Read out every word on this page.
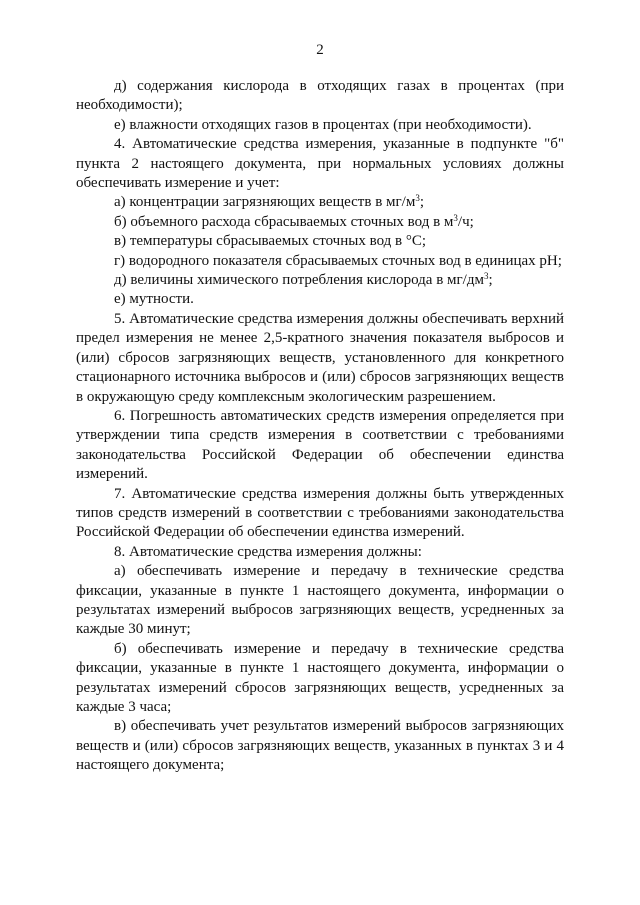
2

д) содержания кислорода в отходящих газах в процентах (при необходимости);

е) влажности отходящих газов в процентах (при необходимости).

4. Автоматические средства измерения, указанные в подпункте "б" пункта 2 настоящего документа, при нормальных условиях должны обеспечивать измерение и учет:

а) концентрации загрязняющих веществ в $мг/м^3$;

б) объемного расхода сбрасываемых сточных вод в $м^3/ч$;

в) температуры сбрасываемых сточных вод в °С;

г) водородного показателя сбрасываемых сточных вод в единицах рН;

д) величины химического потребления кислорода в $мг/дм^3$;

е) мутности.

5. Автоматические средства измерения должны обеспечивать верхний предел измерения не менее 2,5-кратного значения показателя выбросов и (или) сбросов загрязняющих веществ, установленного для конкретного стационарного источника выбросов и (или) сбросов загрязняющих веществ в окружающую среду комплексным экологическим разрешением.

6. Погрешность автоматических средств измерения определяется при утверждении типа средств измерения в соответствии с требованиями законодательства Российской Федерации об обеспечении единства измерений.

7. Автоматические средства измерения должны быть утвержденных типов средств измерений в соответствии с требованиями законодательства Российской Федерации об обеспечении единства измерений.

8. Автоматические средства измерения должны:

а) обеспечивать измерение и передачу в технические средства фиксации, указанные в пункте 1 настоящего документа, информации о результатах измерений выбросов загрязняющих веществ, усредненных за каждые 30 минут;

б) обеспечивать измерение и передачу в технические средства фиксации, указанные в пункте 1 настоящего документа, информации о результатах измерений сбросов загрязняющих веществ, усредненных за каждые 3 часа;

в) обеспечивать учет результатов измерений выбросов загрязняющих веществ и (или) сбросов загрязняющих веществ, указанных в пунктах 3 и 4 настоящего документа;
